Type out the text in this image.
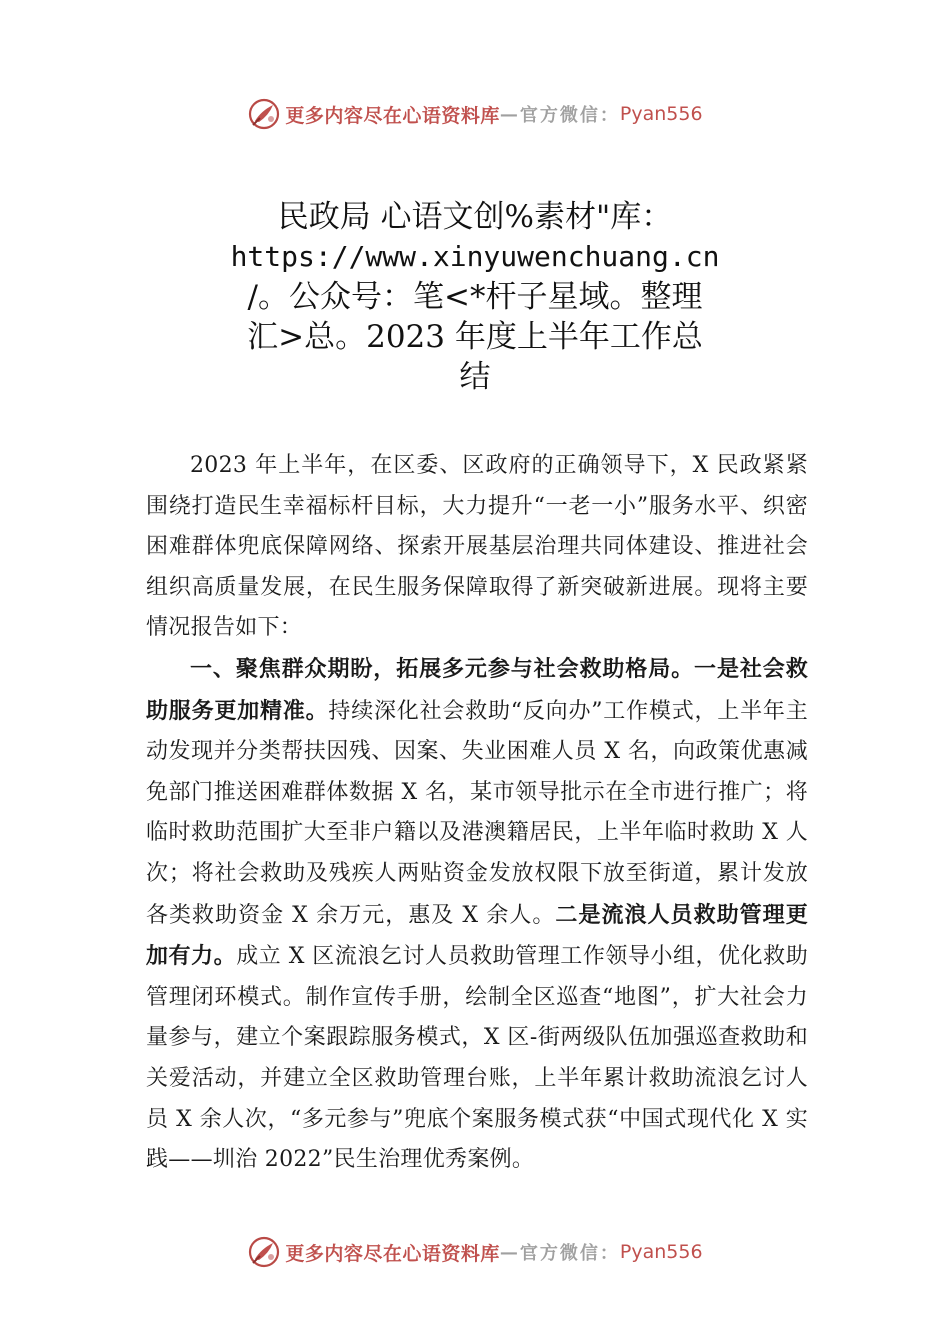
更多内容尽在心语资料库 — 官方微信： Pyan556
民政局 心语文创%素材"库：
https://www.xinyuwenchuang.cn
/。公众号：笔<*杆子星域。整理
汇>总。2023 年度上半年工作总
结

2023 年上半年，在区委、区政府的正确领导下，X 民政紧紧围绕打造民生幸福标杆目标，大力提升“一老一小”服务水平、织密困难群体兜底保障网络、探索开展基层治理共同体建设、推进社会组织高质量发展，在民生服务保障取得了新突破新进展。现将主要情况报告如下：

一、聚焦群众期盼，拓展多元参与社会救助格局。一是社会救助服务更加精准。持续深化社会救助“反向办”工作模式，上半年主动发现并分类帮扶因残、因案、失业困难人员 X 名，向政策优惠减免部门推送困难群体数据 X 名，某市领导批示在全市进行推广；将临时救助范围扩大至非户籍以及港澳籍居民，上半年临时救助 X 人次；将社会救助及残疾人两贴资金发放权限下放至街道，累计发放各类救助资金 X 余万元，惠及 X 余人。二是流浪人员救助管理更加有力。成立 X 区流浪乞讨人员救助管理工作领导小组，优化救助管理闭环模式。制作宣传手册，绘制全区巡查“地图”，扩大社会力量参与，建立个案跟踪服务模式，X 区-街两级队伍加强巡查救助和关爱活动，并建立全区救助管理台账，上半年累计救助流浪乞讨人员 X 余人次，“多元参与”兜底个案服务模式获“中国式现代化 X 实践——圳治 2022”民生治理优秀案例。

更多内容尽在心语资料库 — 官方微信： Pyan556
